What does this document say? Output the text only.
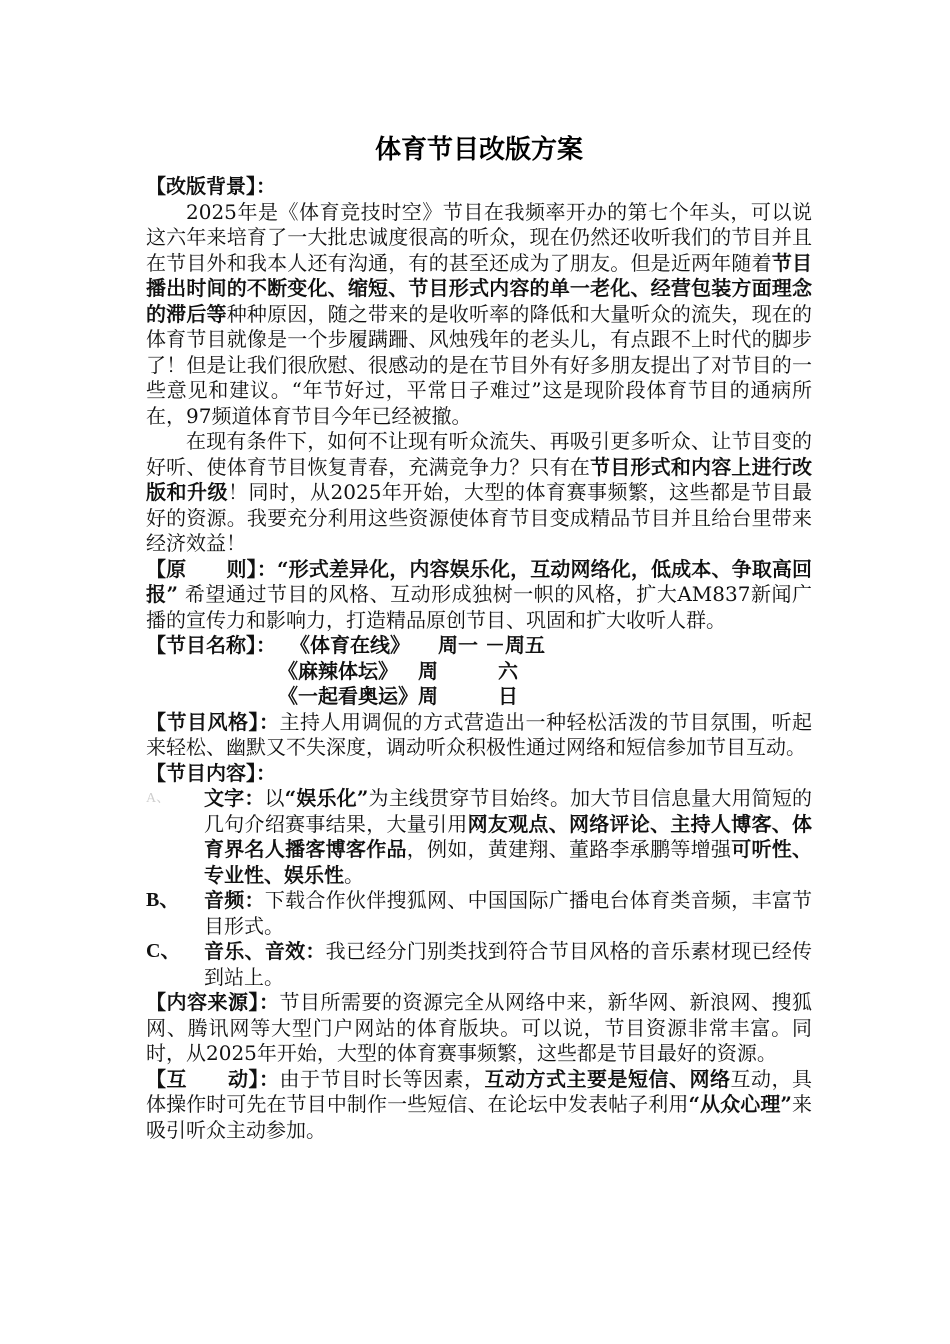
体育节目改版方案

【改版背景】：

2025年是《体育竞技时空》节目在我频率开办的第七个年头，可以说这六年来培育了一大批忠诚度很高的听众，现在仍然还收听我们的节目并且在节目外和我本人还有沟通，有的甚至还成为了朋友。但是近两年随着节目播出时间的不断变化、缩短、节目形式内容的单一老化、经营包装方面理念的滞后等种种原因，随之带来的是收听率的降低和大量听众的流失，现在的体育节目就像是一个步履蹒跚、风烛残年的老头儿，有点跟不上时代的脚步了！但是让我们很欣慰、很感动的是在节目外有好多朋友提出了对节目的一些意见和建议。“年节好过，平常日子难过”这是现阶段体育节目的通病所在，97频道体育节目今年已经被撤。

在现有条件下，如何不让现有听众流失、再吸引更多听众、让节目变的好听、使体育节目恢复青春，充满竞争力？只有在节目形式和内容上进行改版和升级！同时，从2025年开始，大型的体育赛事频繁，这些都是节目最好的资源。我要充分利用这些资源使体育节目变成精品节目并且给台里带来经济效益！

【原　　则】：“形式差异化，内容娱乐化，互动网络化，低成本、争取高回报” 希望通过节目的风格、互动形成独树一帜的风格，扩大AM837新闻广播的宣传力和影响力，打造精品原创节目、巩固和扩大收听人群。

【节目名称】： 《体育在线》 周一 －周五
《麻辣体坛》 周　　　六
《一起看奥运》周　　　日

【节目风格】：主持人用调侃的方式营造出一种轻松活泼的节目氛围，听起来轻松、幽默又不失深度，调动听众积极性通过网络和短信参加节目互动。

【节目内容】：

A、	文字：以“娱乐化”为主线贯穿节目始终。加大节目信息量大用简短的几句介绍赛事结果，大量引用网友观点、网络评论、主持人博客、体育界名人播客博客作品，例如，黄建翔、董路李承鹏等增强可听性、专业性、娱乐性。
B、	音频：下载合作伙伴搜狐网、中国国际广播电台体育类音频，丰富节目形式。
C、	音乐、音效：我已经分门别类找到符合节目风格的音乐素材现已经传到站上。

【内容来源】：节目所需要的资源完全从网络中来，新华网、新浪网、搜狐网、腾讯网等大型门户网站的体育版块。可以说，节目资源非常丰富。同时，从2025年开始，大型的体育赛事频繁，这些都是节目最好的资源。

【互　　动】：由于节目时长等因素，互动方式主要是短信、网络互动，具体操作时可先在节目中制作一些短信、在论坛中发表帖子利用“从众心理”来吸引听众主动参加。
